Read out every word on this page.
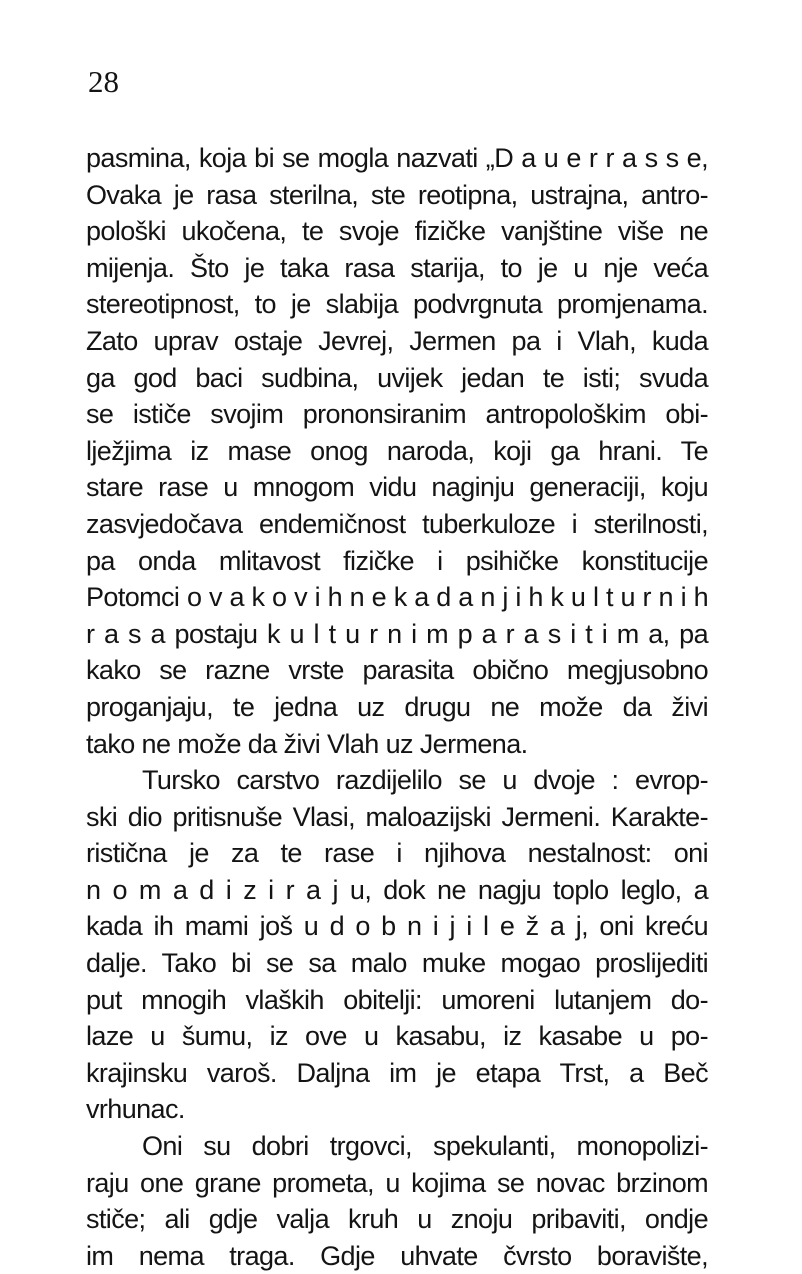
28
pasmina, koja bi se mogla nazvati „D a u e r r a s s e,
Ovaka je rasa sterilna, ste reotipna, ustrajna, antro-
pološki ukočena, te svoje fizičke vanjštine više ne
mijenja. Što je taka rasa starija, to je u nje veća
stereotipnost, to je slabija podvrgnuta promjenama.
Zato uprav ostaje Jevrej, Jermen pa i Vlah, kuda
ga god baci sudbina, uvijek jedan te isti; svuda
se ističe svojim prononsiranim antropološkim obi-
lježjima iz mase onog naroda, koji ga hrani. Te
stare rase u mnogom vidu naginju generaciji, koju
zasvjedočava endemičnost tuberkuloze i sterilnosti,
pa onda mlitavost fizičke i psihičke konstitucije
Potomci o v a k o v i h n e k a d a n j i h k u l t u r n i h
r a s a postaju k u l t u r n i m p a r a s i t i m a, pa
kako se razne vrste parasita obično megjusobno
proganjaju, te jedna uz drugu ne može da živi
tako ne može da živi Vlah uz Jermena.
Tursko carstvo razdijelilo se u dvoje : evrop-
ski dio pritisnuše Vlasi, maloazijski Jermeni. Karakte-
ristična je za te rase i njihova nestalnost: oni
n o m a d i z i r a j u, dok ne nagju toplo leglo, a
kada ih mami još u d o b n i j i l e ž a j, oni kreću
dalje. Tako bi se sa malo muke mogao proslijediti
put mnogih vlaških obitelji: umoreni lutanjem do-
laze u šumu, iz ove u kasabu, iz kasabe u po-
krajinsku varoš. Daljna im je etapa Trst, a Beč
vrhunac.
Oni su dobri trgovci, spekulanti, monopolizi-
raju one grane prometa, u kojima se novac brzinom
stiče; ali gdje valja kruh u znoju pribaviti, ondje
im nema traga. Gdje uhvate čvrsto boravište,
